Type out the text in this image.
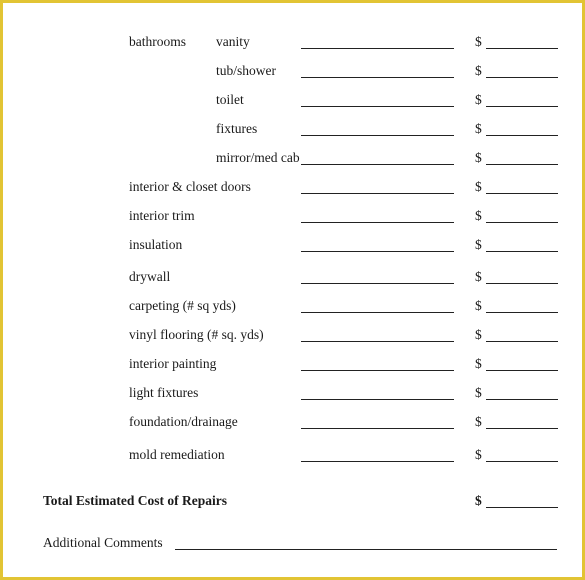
bathrooms vanity	$
tub/shower	$
toilet	$
fixtures	$
mirror/med cab	$
interior & closet doors	$
interior trim	$
insulation	$
drywall	$
carpeting (# sq yds)	$
vinyl flooring (# sq. yds)	$
interior painting	$
light fixtures	$
foundation/drainage	$
mold remediation	$
Total Estimated Cost of Repairs	$
Additional Comments
